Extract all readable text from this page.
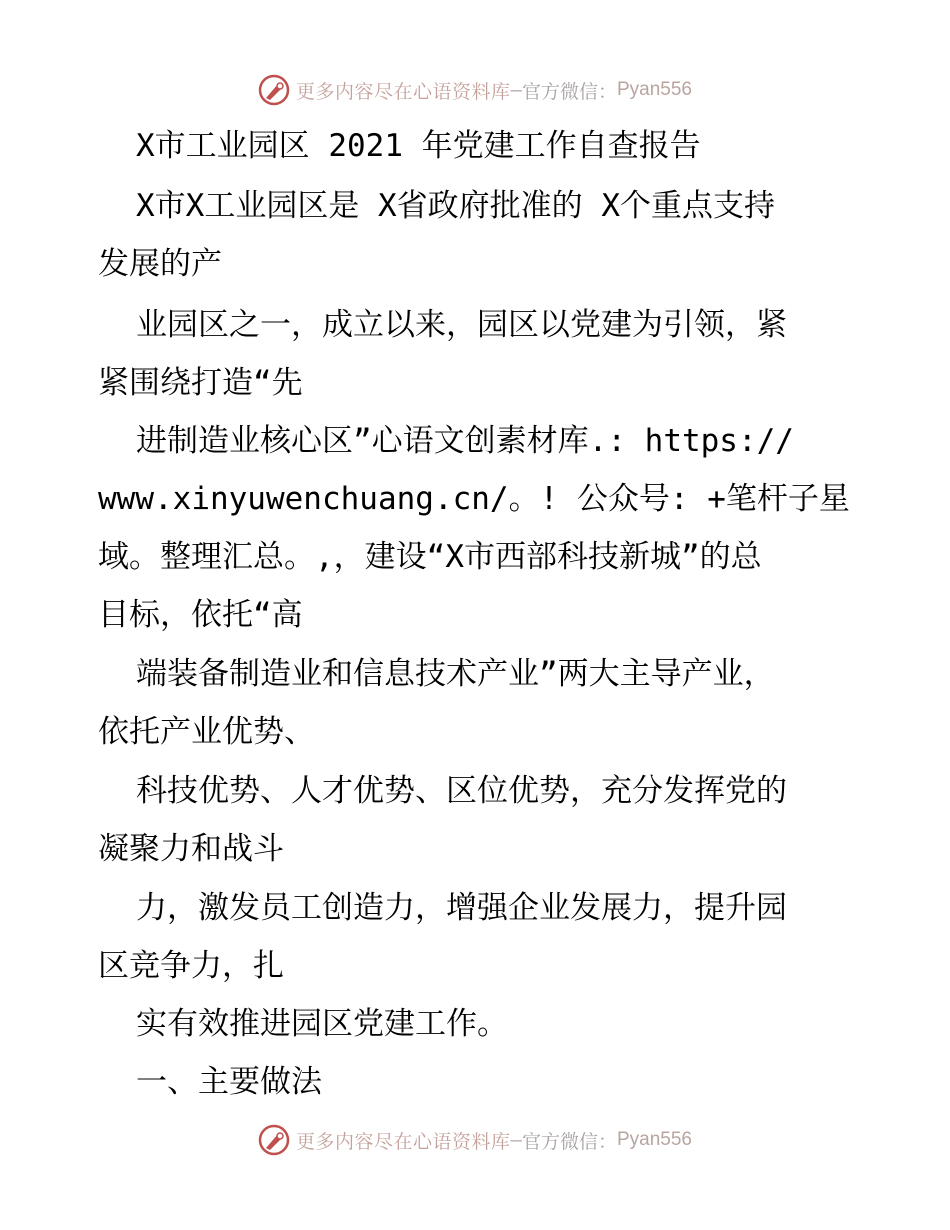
更多内容尽在心语资料库 — 官方微信： Pyan556
X市工业园区 2021 年党建工作自查报告
X市X工业园区是 X省政府批准的 X个重点支持
发展的产
业园区之一，成立以来，园区以党建为引领，紧
紧围绕打造“先
进制造业核心区”心语文创素材库.: https://
www.xinyuwenchuang.cn/。! 公众号: +笔杆子星
域。整理汇总。,，建设“X市西部科技新城”的总
目标，依托“高
端装备制造业和信息技术产业”两大主导产业，
依托产业优势、
科技优势、人才优势、区位优势，充分发挥党的
凝聚力和战斗
力，激发员工创造力，增强企业发展力，提升园
区竞争力，扎
实有效推进园区党建工作。
一、主要做法
更多内容尽在心语资料库 — 官方微信： Pyan556
